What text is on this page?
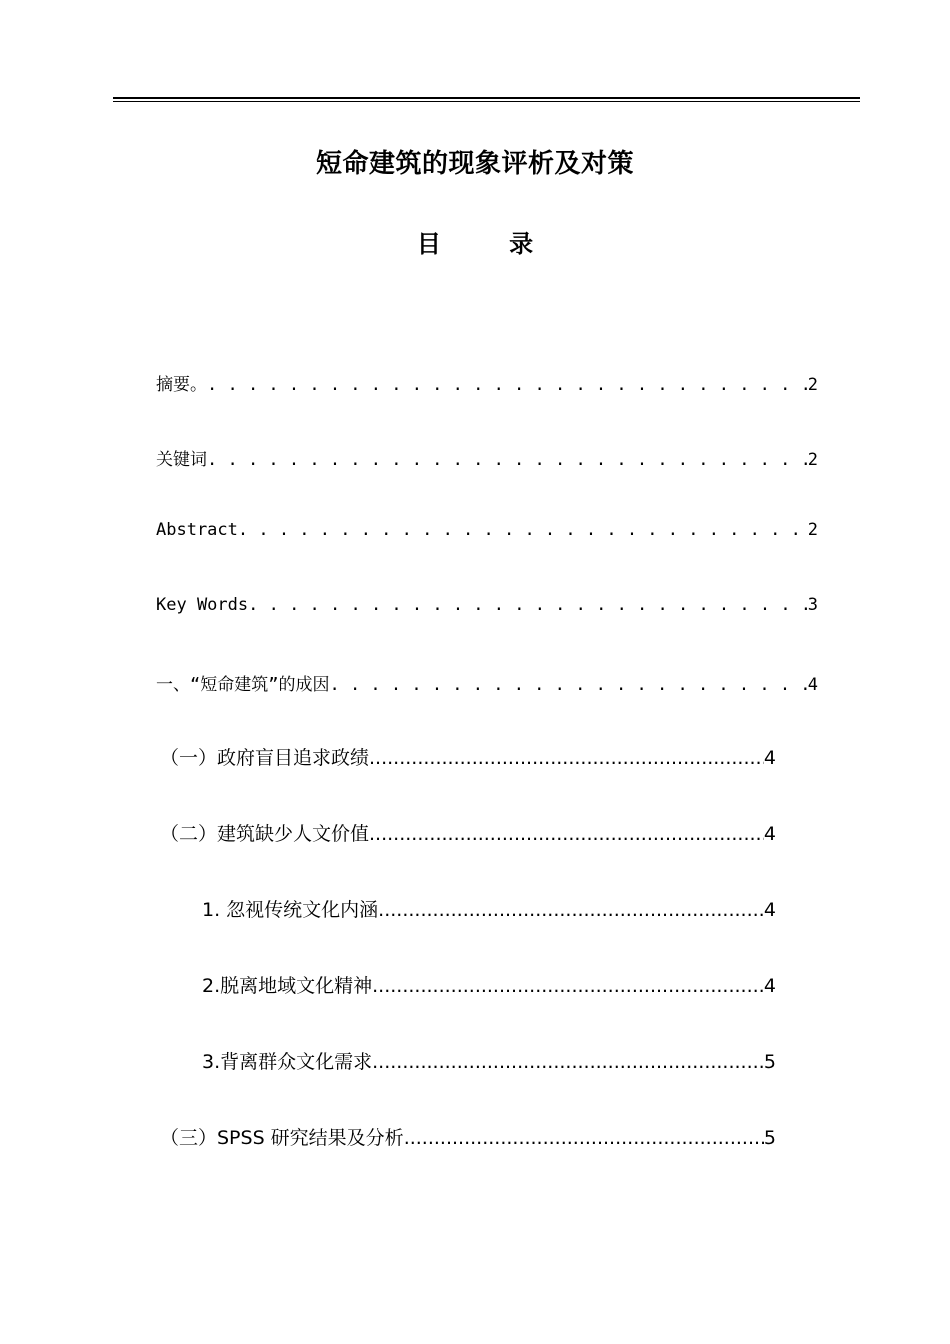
短命建筑的现象评析及对策
目 录
摘要。 . . .	2
关键词 . . .	2
Abstract . . .	2
Key Words . . .	3
一、“短命建筑”的成因 . . .	4
（一）政府盲目追求政绩 .....	4
（二）建筑缺少人文价值 .....	4
1. 忽视传统文化内涵 .....	4
2.脱离地域文化精神 .....	4
3.背离群众文化需求 .....	5
（三）SPSS 研究结果及分析 .....	5
